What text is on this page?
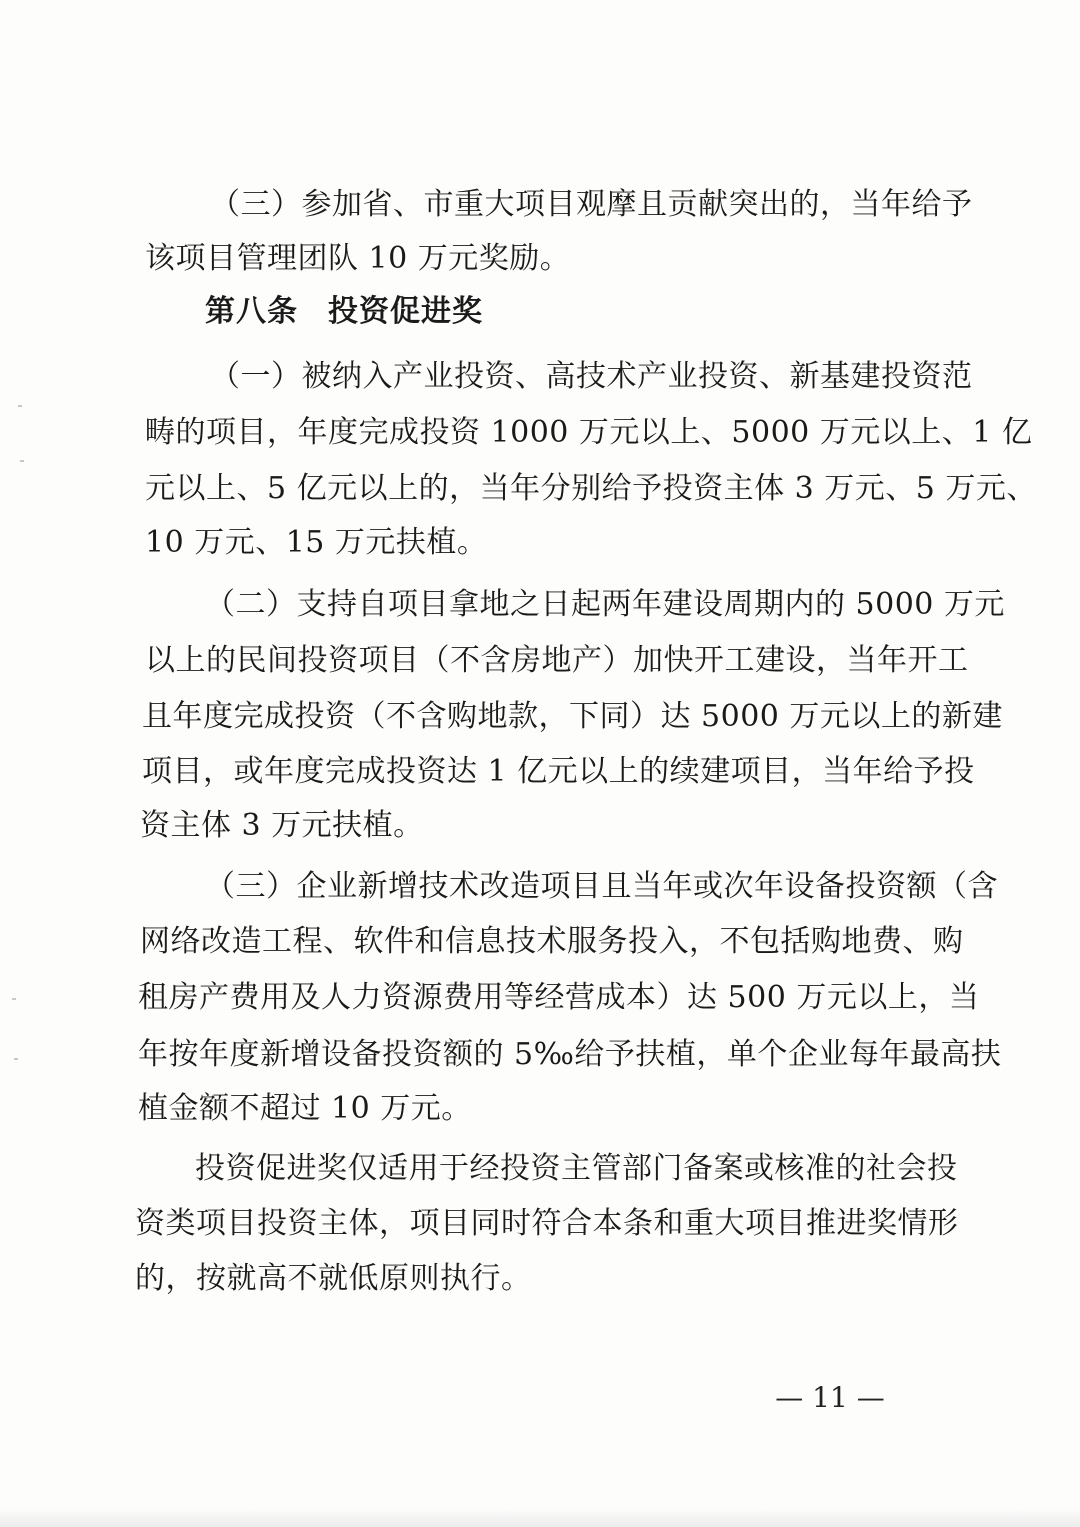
（三）参加省、市重大项目观摩且贡献突出的，当年给予
该项目管理团队 10 万元奖励。
第八条 投资促进奖
（一）被纳入产业投资、高技术产业投资、新基建投资范
畴的项目，年度完成投资 1000 万元以上、5000 万元以上、1 亿
元以上、5 亿元以上的，当年分别给予投资主体 3 万元、5 万元、
10 万元、15 万元扶植。
（二）支持自项目拿地之日起两年建设周期内的 5000 万元
以上的民间投资项目（不含房地产）加快开工建设，当年开工
且年度完成投资（不含购地款，下同）达 5000 万元以上的新建
项目，或年度完成投资达 1 亿元以上的续建项目，当年给予投
资主体 3 万元扶植。
（三）企业新增技术改造项目且当年或次年设备投资额（含
网络改造工程、软件和信息技术服务投入，不包括购地费、购
租房产费用及人力资源费用等经营成本）达 500 万元以上，当
年按年度新增设备投资额的 5‰给予扶植，单个企业每年最高扶
植金额不超过 10 万元。
投资促进奖仅适用于经投资主管部门备案或核准的社会投
资类项目投资主体，项目同时符合本条和重大项目推进奖情形
的，按就高不就低原则执行。
— 11 —
